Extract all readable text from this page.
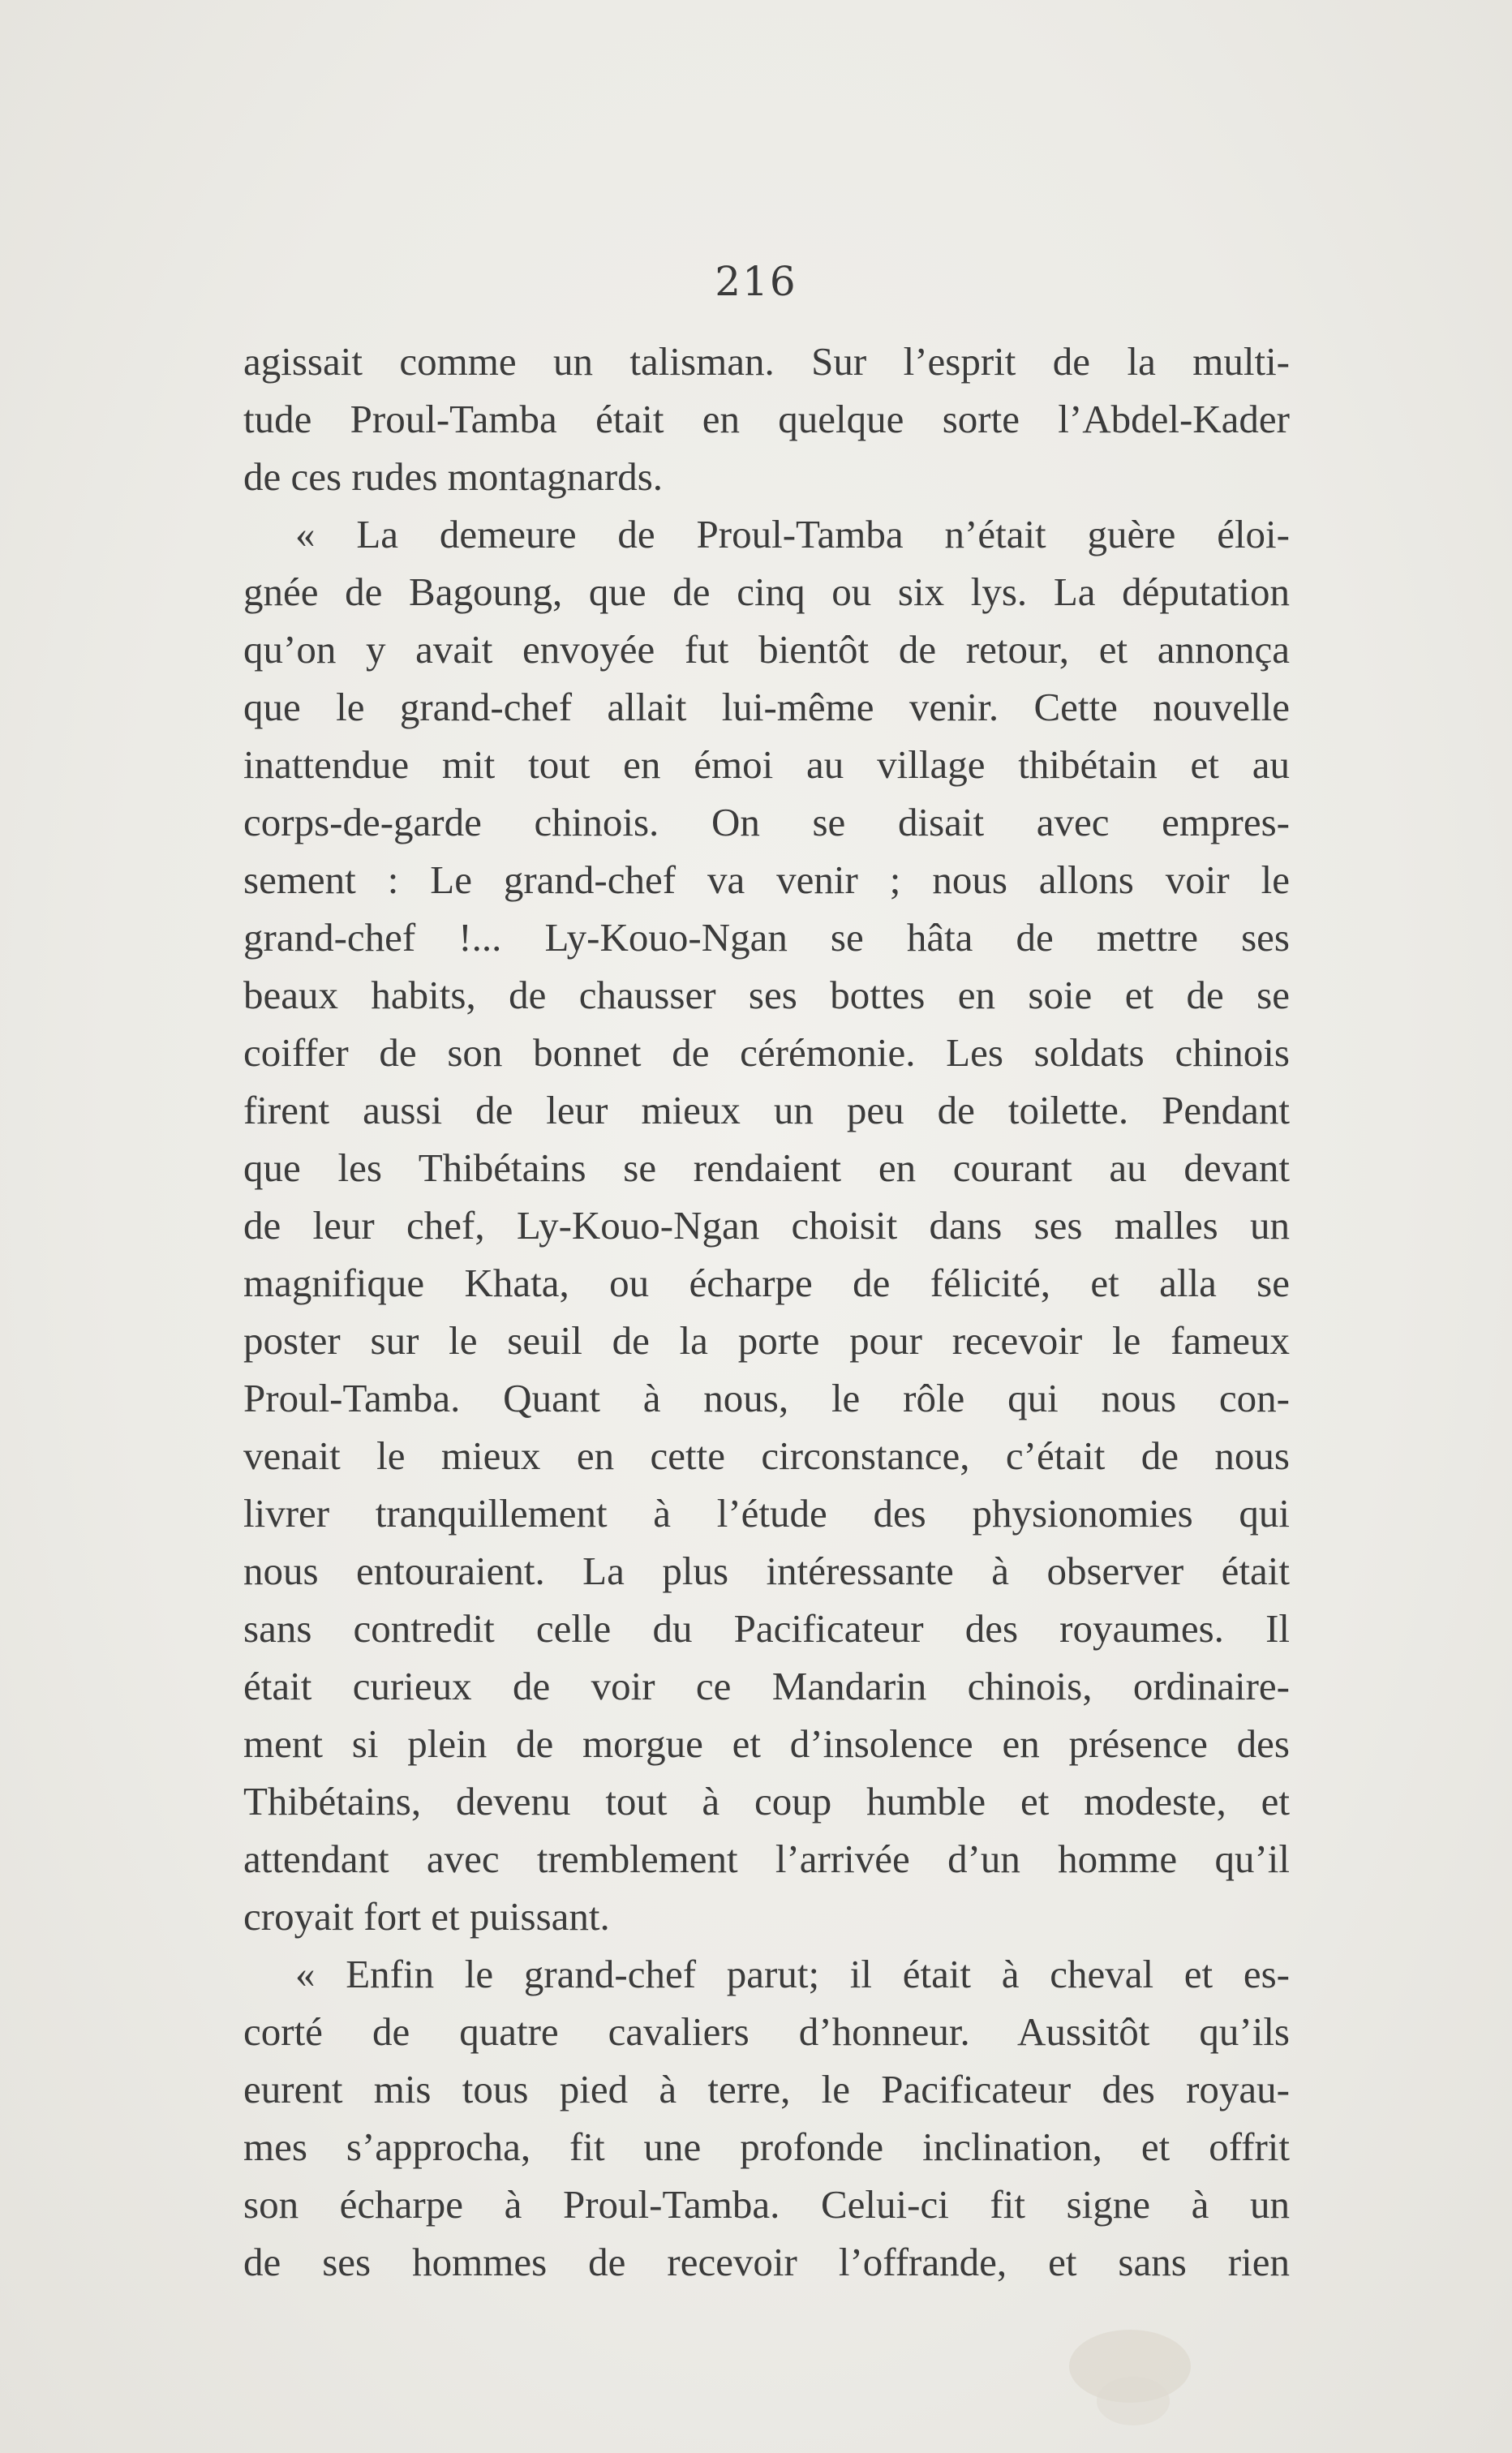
216
agissait comme un talisman. Sur l’esprit de la multi-
tude Proul-Tamba était en quelque sorte l’Abdel-Kader
de ces rudes montagnards.
« La demeure de Proul-Tamba n’était guère éloi-
gnée de Bagoung, que de cinq ou six lys. La députation
qu’on y avait envoyée fut bientôt de retour, et annonça
que le grand-chef allait lui-même venir. Cette nouvelle
inattendue mit tout en émoi au village thibétain et au
corps-de-garde chinois. On se disait avec empres-
sement : Le grand-chef va venir ; nous allons voir le
grand-chef !... Ly-Kouo-Ngan se hâta de mettre ses
beaux habits, de chausser ses bottes en soie et de se
coiffer de son bonnet de cérémonie. Les soldats chinois
firent aussi de leur mieux un peu de toilette. Pendant
que les Thibétains se rendaient en courant au devant
de leur chef, Ly-Kouo-Ngan choisit dans ses malles un
magnifique Khata, ou écharpe de félicité, et alla se
poster sur le seuil de la porte pour recevoir le fameux
Proul-Tamba. Quant à nous, le rôle qui nous con-
venait le mieux en cette circonstance, c’était de nous
livrer tranquillement à l’étude des physionomies qui
nous entouraient. La plus intéressante à observer était
sans contredit celle du Pacificateur des royaumes. Il
était curieux de voir ce Mandarin chinois, ordinaire-
ment si plein de morgue et d’insolence en présence des
Thibétains, devenu tout à coup humble et modeste, et
attendant avec tremblement l’arrivée d’un homme qu’il
croyait fort et puissant.
« Enfin le grand-chef parut; il était à cheval et es-
corté de quatre cavaliers d’honneur. Aussitôt qu’ils
eurent mis tous pied à terre, le Pacificateur des royau-
mes s’approcha, fit une profonde inclination, et offrit
son écharpe à Proul-Tamba. Celui-ci fit signe à un
de ses hommes de recevoir l’offrande, et sans rien
